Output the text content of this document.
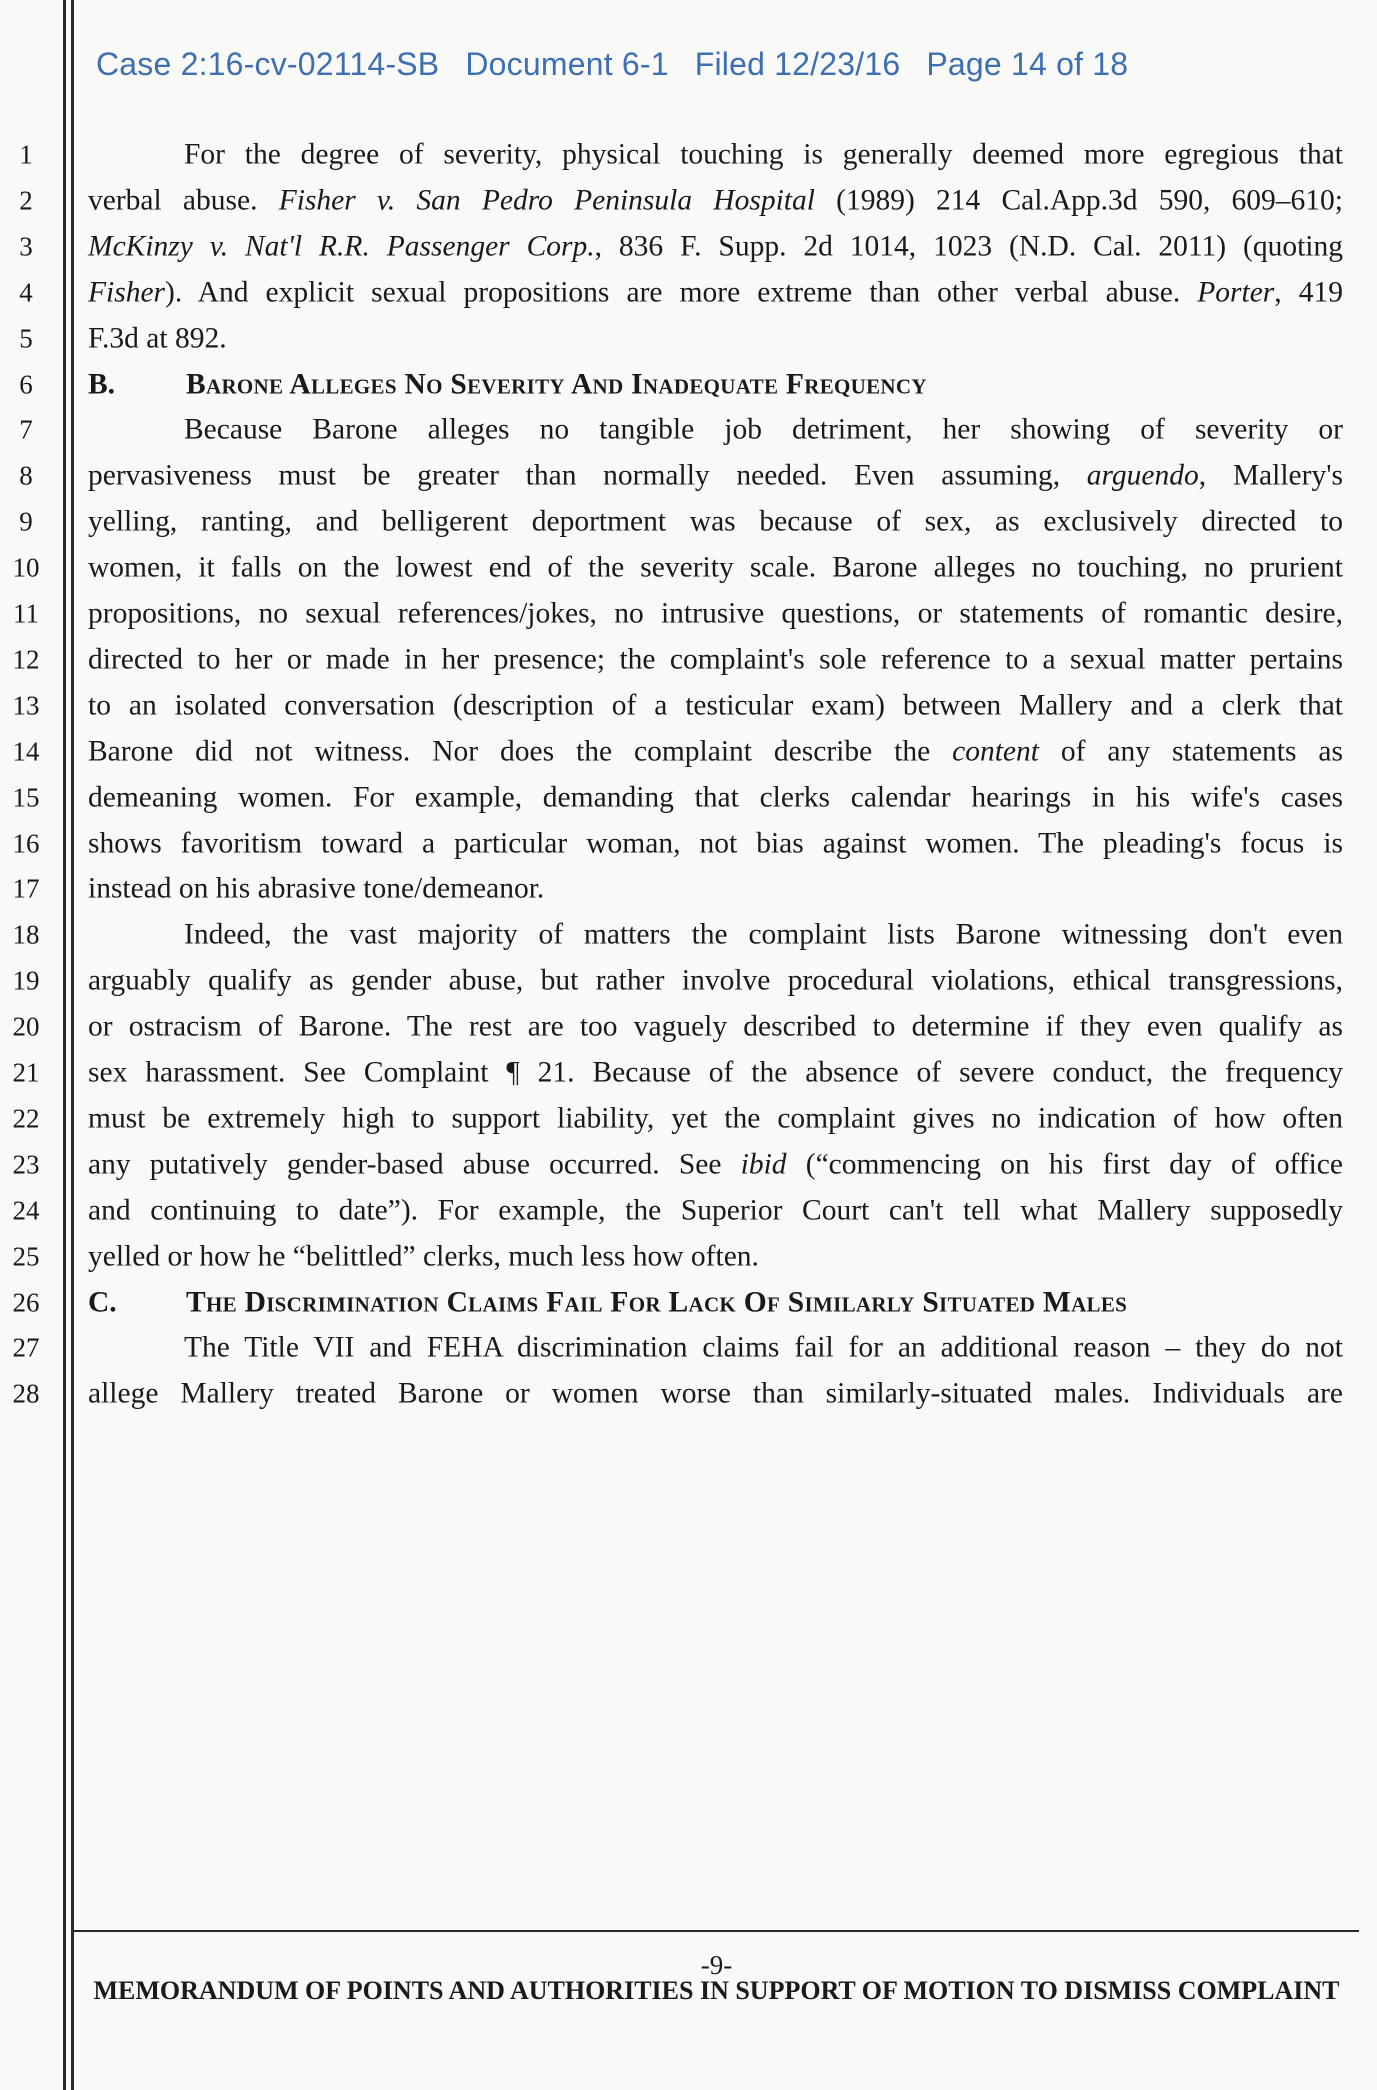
Case 2:16-cv-02114-SB Document 6-1 Filed 12/23/16 Page 14 of 18
1
2
3
4
5
6
7
8
9
10
11
12
13
14
15
16
17
18
19
20
21
22
23
24
25
26
27
28
For the degree of severity, physical touching is generally deemed more egregious that
verbal abuse. Fisher v. San Pedro Peninsula Hospital (1989) 214 Cal.App.3d 590, 609–610;
McKinzy v. Nat'l R.R. Passenger Corp., 836 F. Supp. 2d 1014, 1023 (N.D. Cal. 2011) (quoting
Fisher). And explicit sexual propositions are more extreme than other verbal abuse. Porter, 419
F.3d at 892.
B. Barone Alleges No Severity And Inadequate Frequency
Because Barone alleges no tangible job detriment, her showing of severity or
pervasiveness must be greater than normally needed. Even assuming, arguendo, Mallery's
yelling, ranting, and belligerent deportment was because of sex, as exclusively directed to
women, it falls on the lowest end of the severity scale. Barone alleges no touching, no prurient
propositions, no sexual references/jokes, no intrusive questions, or statements of romantic desire,
directed to her or made in her presence; the complaint's sole reference to a sexual matter pertains
to an isolated conversation (description of a testicular exam) between Mallery and a clerk that
Barone did not witness. Nor does the complaint describe the content of any statements as
demeaning women. For example, demanding that clerks calendar hearings in his wife's cases
shows favoritism toward a particular woman, not bias against women. The pleading's focus is
instead on his abrasive tone/demeanor.
Indeed, the vast majority of matters the complaint lists Barone witnessing don't even
arguably qualify as gender abuse, but rather involve procedural violations, ethical transgressions,
or ostracism of Barone. The rest are too vaguely described to determine if they even qualify as
sex harassment. See Complaint ¶ 21. Because of the absence of severe conduct, the frequency
must be extremely high to support liability, yet the complaint gives no indication of how often
any putatively gender-based abuse occurred. See ibid (“commencing on his first day of office
and continuing to date”). For example, the Superior Court can't tell what Mallery supposedly
yelled or how he “belittled” clerks, much less how often.
C. The Discrimination Claims Fail For Lack Of Similarly Situated Males
The Title VII and FEHA discrimination claims fail for an additional reason – they do not
allege Mallery treated Barone or women worse than similarly-situated males. Individuals are
-9-
MEMORANDUM OF POINTS AND AUTHORITIES IN SUPPORT OF MOTION TO DISMISS COMPLAINT
